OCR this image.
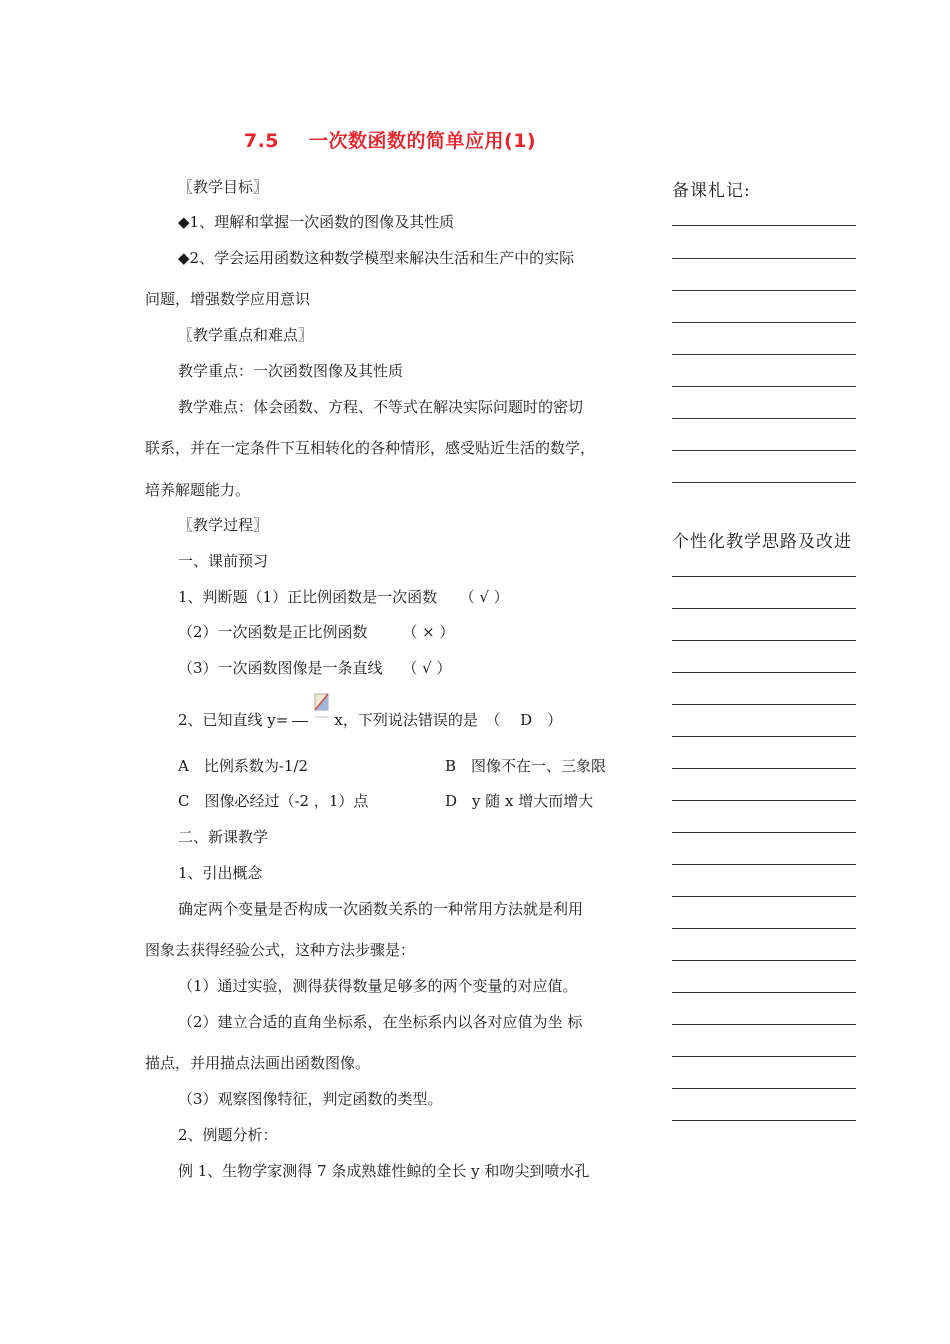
7.5 一次数函数的简单应用(1)
〖教学目标〗
◆1、理解和掌握一次函数的图像及其性质
◆2、学会运用函数这种数学模型来解决生活和生产中的实际
问题，增强数学应用意识
〖教学重点和难点〗
教学重点：一次函数图像及其性质
教学难点：体会函数、方程、不等式在解决实际问题时的密切
联系，并在一定条件下互相转化的各种情形，感受贴近生活的数学，
培养解题能力。
〖教学过程〗
一、课前预习
1、判断题（1）正比例函数是一次函数　　（ √ ）
（2）一次函数是正比例函数　　 （ × ）
（3）一次函数图像是一条直线　 （ √ ）
2、已知直线 y=	x，下列说法错误的是　（　 D　）
A　比例系数为-1/2	B　图像不在一、三象限
C　图像必经过（-2 ，1）点	D　y 随 x 增大而增大
二、新课教学
1、引出概念
确定两个变量是否构成一次函数关系的一种常用方法就是利用
图象去获得经验公式，这种方法步骤是：
（1）通过实验，测得获得数量足够多的两个变量的对应值。
（2）建立合适的直角坐标系，在坐标系内以各对应值为坐 标
描点，并用描点法画出函数图像。
（3）观察图像特征，判定函数的类型。
2、例题分析：
例 1、生物学家测得 7 条成熟雄性鲸的全长 y 和吻尖到喷水孔
备课札记:
个性化教学思路及改进
